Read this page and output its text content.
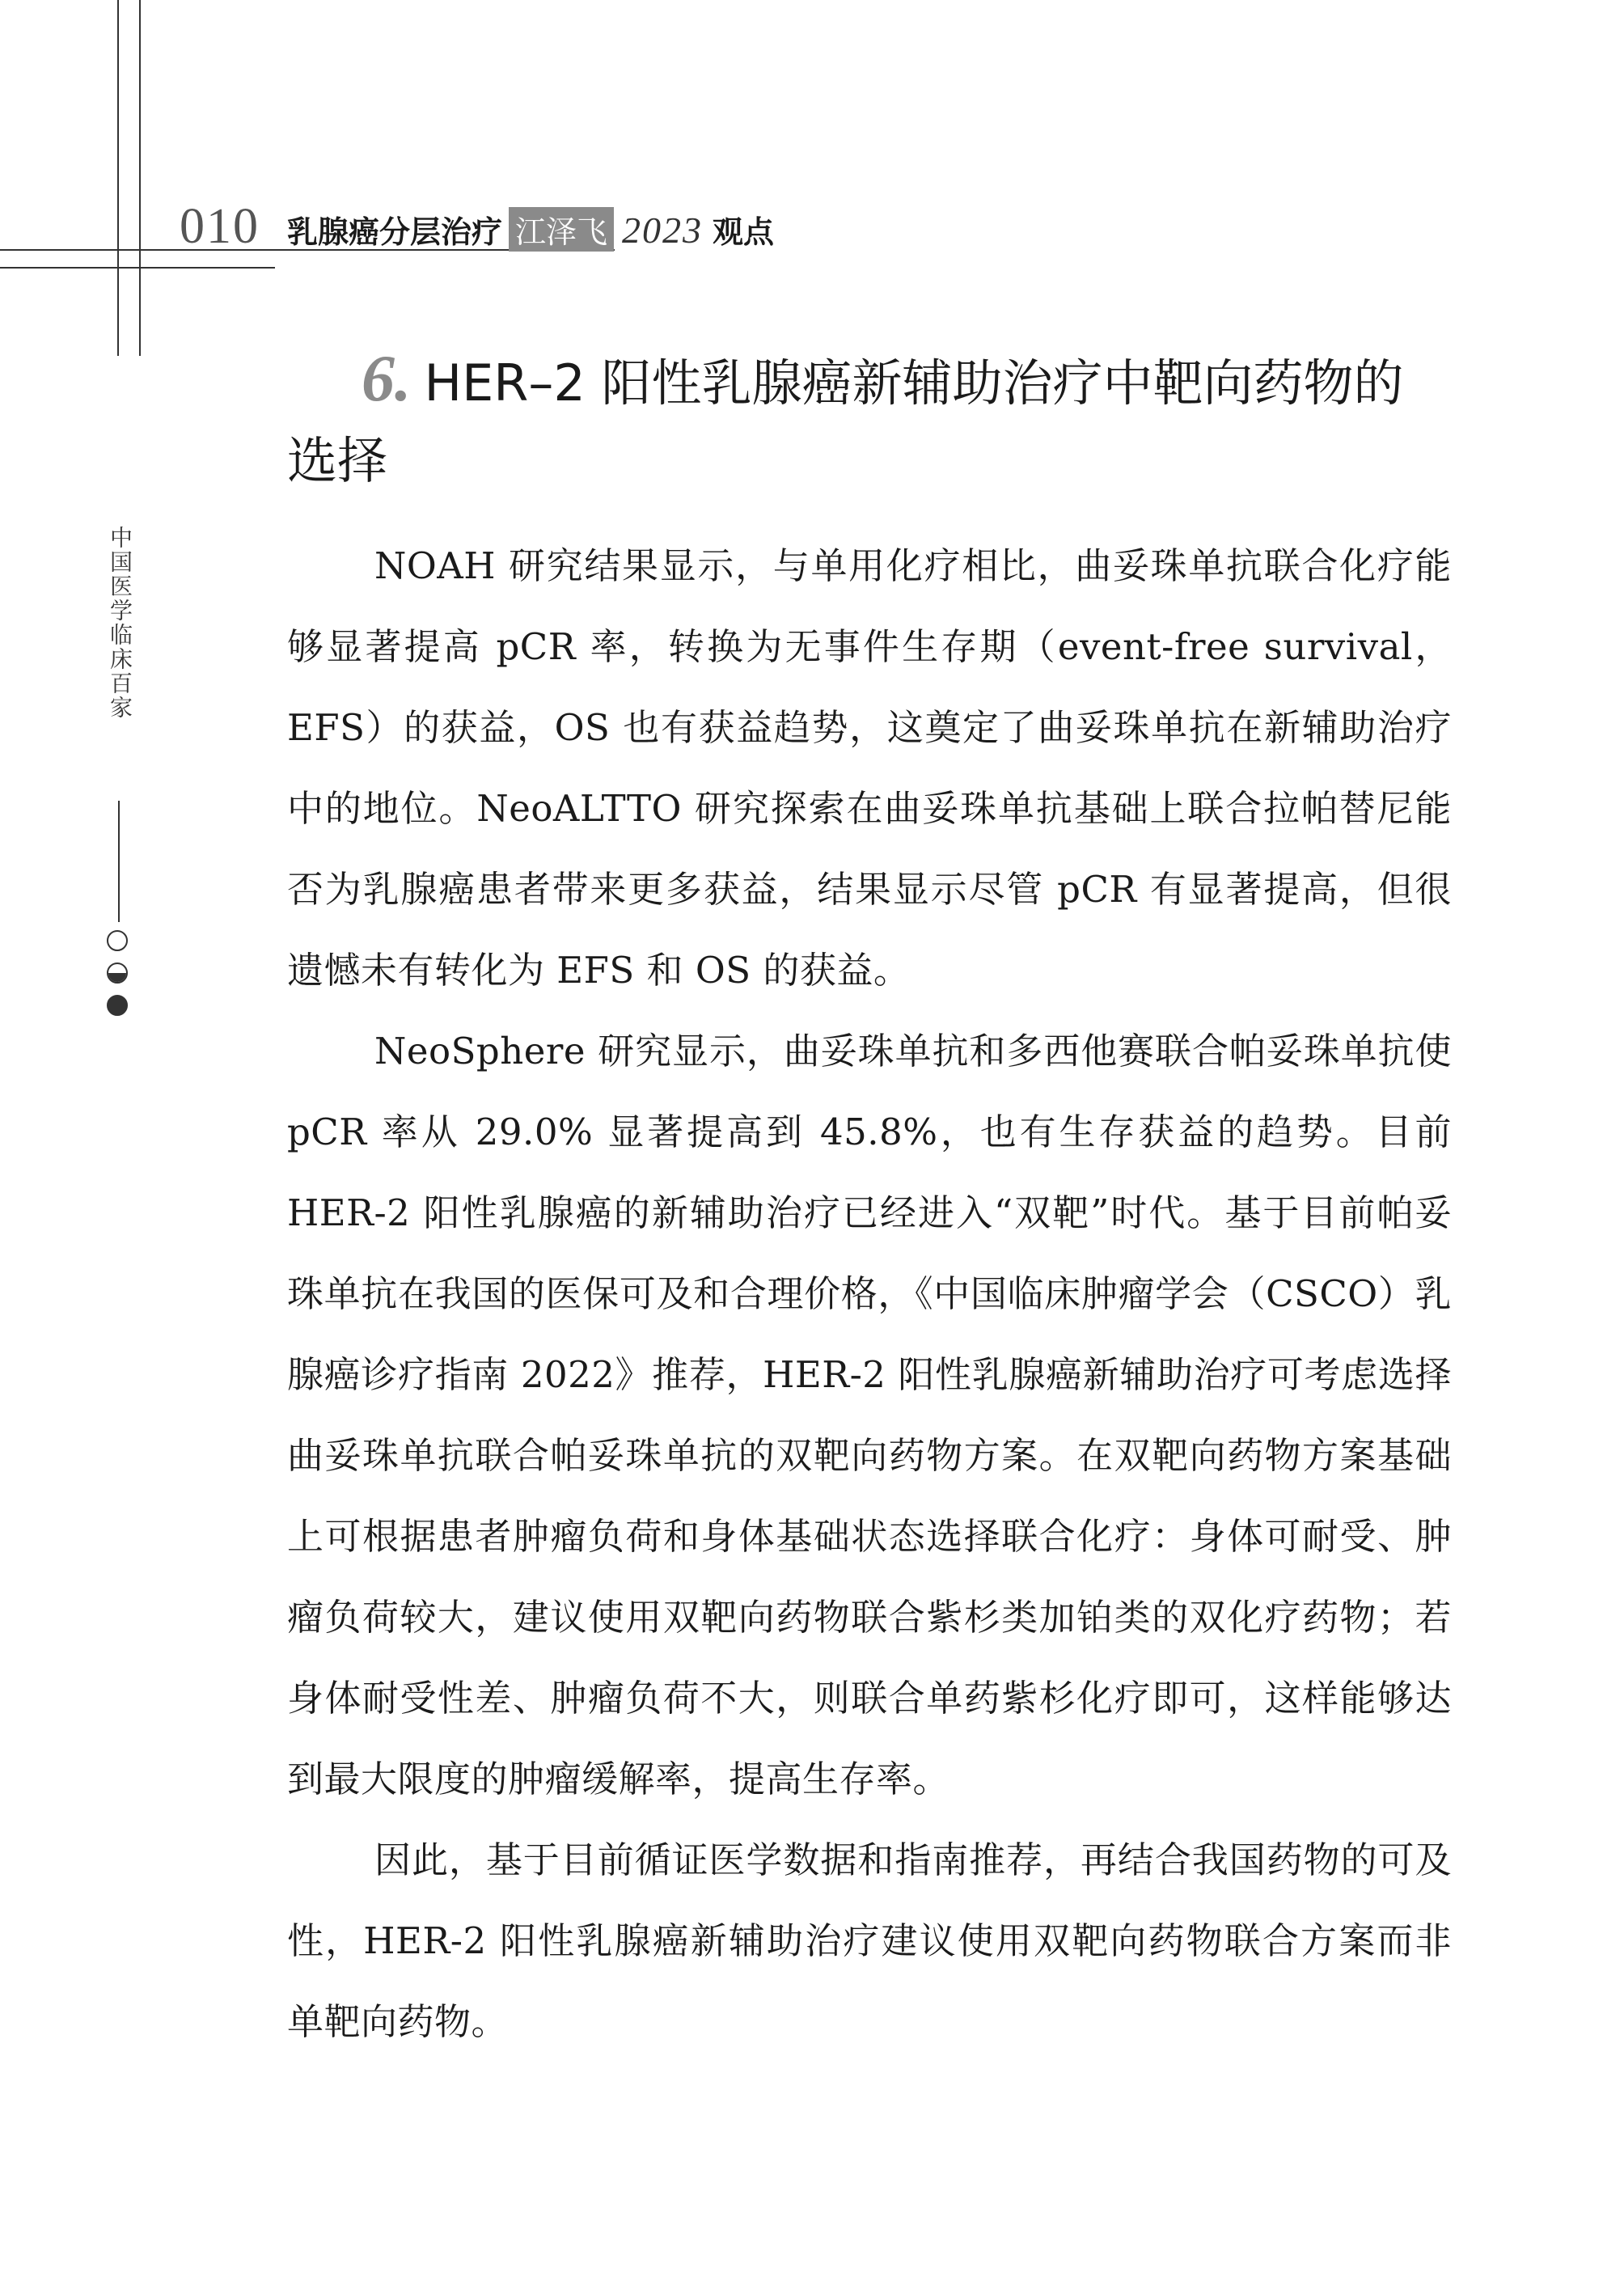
010 乳腺癌分层治疗 江泽飞 2023 观点
中国医学临床百家
6. HER–2 阳性乳腺癌新辅助治疗中靶向药物的选择

NOAH 研究结果显示，与单用化疗相比，曲妥珠单抗联合化疗能够显著提高 pCR 率，转换为无事件生存期（event-free survival，EFS）的获益，OS 也有获益趋势，这奠定了曲妥珠单抗在新辅助治疗中的地位。NeoALTTO 研究探索在曲妥珠单抗基础上联合拉帕替尼能否为乳腺癌患者带来更多获益，结果显示尽管 pCR 有显著提高，但很遗憾未有转化为 EFS 和 OS 的获益。

NeoSphere 研究显示，曲妥珠单抗和多西他赛联合帕妥珠单抗使 pCR 率从 29.0% 显著提高到 45.8%，也有生存获益的趋势。目前 HER-2 阳性乳腺癌的新辅助治疗已经进入“双靶”时代。基于目前帕妥珠单抗在我国的医保可及和合理价格，《中国临床肿瘤学会（CSCO）乳腺癌诊疗指南 2022》推荐，HER-2 阳性乳腺癌新辅助治疗可考虑选择曲妥珠单抗联合帕妥珠单抗的双靶向药物方案。在双靶向药物方案基础上可根据患者肿瘤负荷和身体基础状态选择联合化疗：身体可耐受、肿瘤负荷较大，建议使用双靶向药物联合紫杉类加铂类的双化疗药物；若身体耐受性差、肿瘤负荷不大，则联合单药紫杉化疗即可，这样能够达到最大限度的肿瘤缓解率，提高生存率。

因此，基于目前循证医学数据和指南推荐，再结合我国药物的可及性，HER-2 阳性乳腺癌新辅助治疗建议使用双靶向药物联合方案而非单靶向药物。
